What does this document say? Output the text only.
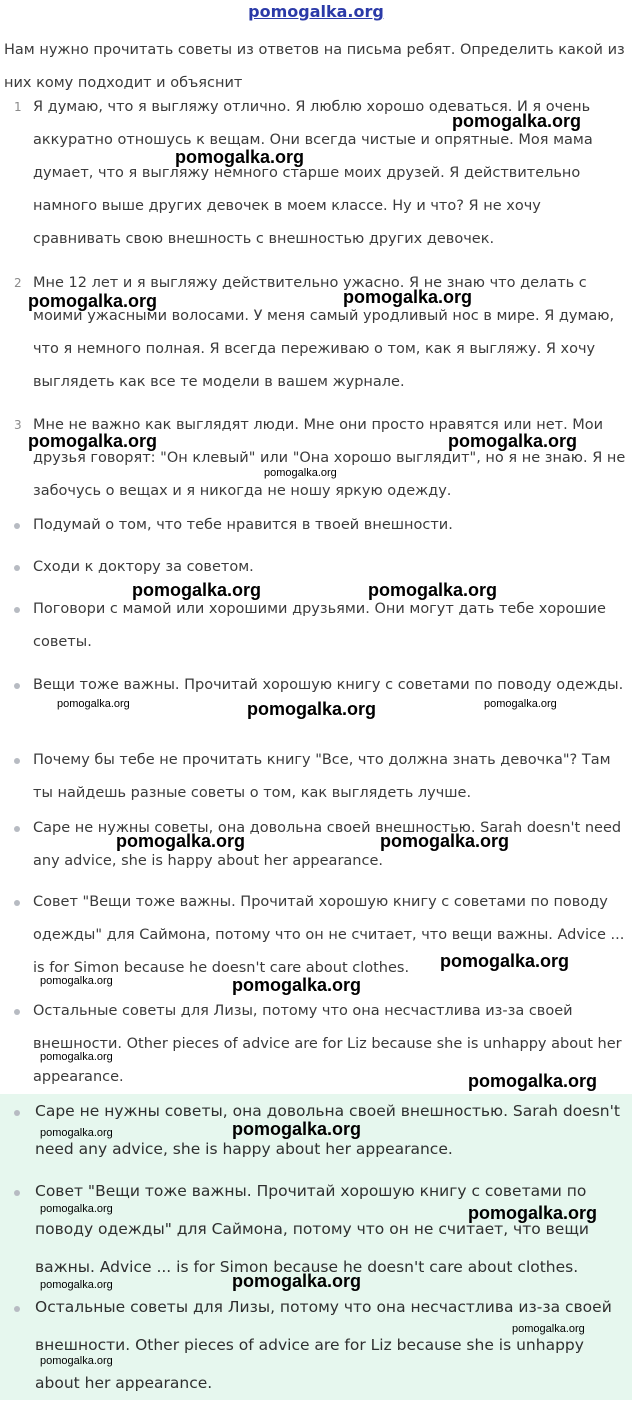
pomogalka.org
Нам нужно прочитать советы из ответов на письма ребят. Определить какой из них кому подходит и объяснит
1 Я думаю, что я выгляжу отлично. Я люблю хорошо одеваться. И я очень аккуратно отношусь к вещам. Они всегда чистые и опрятные. Моя мама думает, что я выгляжу немного старше моих друзей. Я действительно намного выше других девочек в моем классе. Ну и что? Я не хочу сравнивать свою внешность с внешностью других девочек.
2 Мне 12 лет и я выгляжу действительно ужасно. Я не знаю что делать с моими ужасными волосами. У меня самый уродливый нос в мире. Я думаю, что я немного полная. Я всегда переживаю о том, как я выгляжу. Я хочу выглядеть как все те модели в вашем журнале.
3 Мне не важно как выглядят люди. Мне они просто нравятся или нет. Мои друзья говорят: "Он клевый" или "Она хорошо выглядит", но я не знаю. Я не забочусь о вещах и я никогда не ношу яркую одежду.
Подумай о том, что тебе нравится в твоей внешности.
Сходи к доктору за советом.
Поговори с мамой или хорошими друзьями. Они могут дать тебе хорошие советы.
Вещи тоже важны. Прочитай хорошую книгу с советами по поводу одежды.
Почему бы тебе не прочитать книгу "Все, что должна знать девочка"? Там ты найдешь разные советы о том, как выглядеть лучше.
Саре не нужны советы, она довольна своей внешностью. Sarah doesn't need any advice, she is happy about her appearance.
Совет "Вещи тоже важны. Прочитай хорошую книгу с советами по поводу одежды" для Саймона, потому что он не считает, что вещи важны. Advice ... is for Simon because he doesn't care about clothes.
Остальные советы для Лизы, потому что она несчастлива из-за своей внешности. Other pieces of advice are for Liz because she is unhappy about her appearance.
Саре не нужны советы, она довольна своей внешностью. Sarah doesn't need any advice, she is happy about her appearance.
Совет "Вещи тоже важны. Прочитай хорошую книгу с советами по поводу одежды" для Саймона, потому что он не считает, что вещи важны. Advice ... is for Simon because he doesn't care about clothes.
Остальные советы для Лизы, потому что она несчастлива из-за своей внешности. Other pieces of advice are for Liz because she is unhappy about her appearance.
pomogalka.org
pomogalka.org
pomogalka.org	pomogalka.org
pomogalka.org	pomogalka.org
pomogalka.org
pomogalka.org	pomogalka.org
pomogalka.org	pomogalka.org	pomogalka.org
pomogalka.org	pomogalka.org
pomogalka.org
pomogalka.org	pomogalka.org
pomogalka.org
pomogalka.org
pomogalka.org	pomogalka.org
pomogalka.org	pomogalka.org
pomogalka.org	pomogalka.org
pomogalka.org
pomogalka.org
